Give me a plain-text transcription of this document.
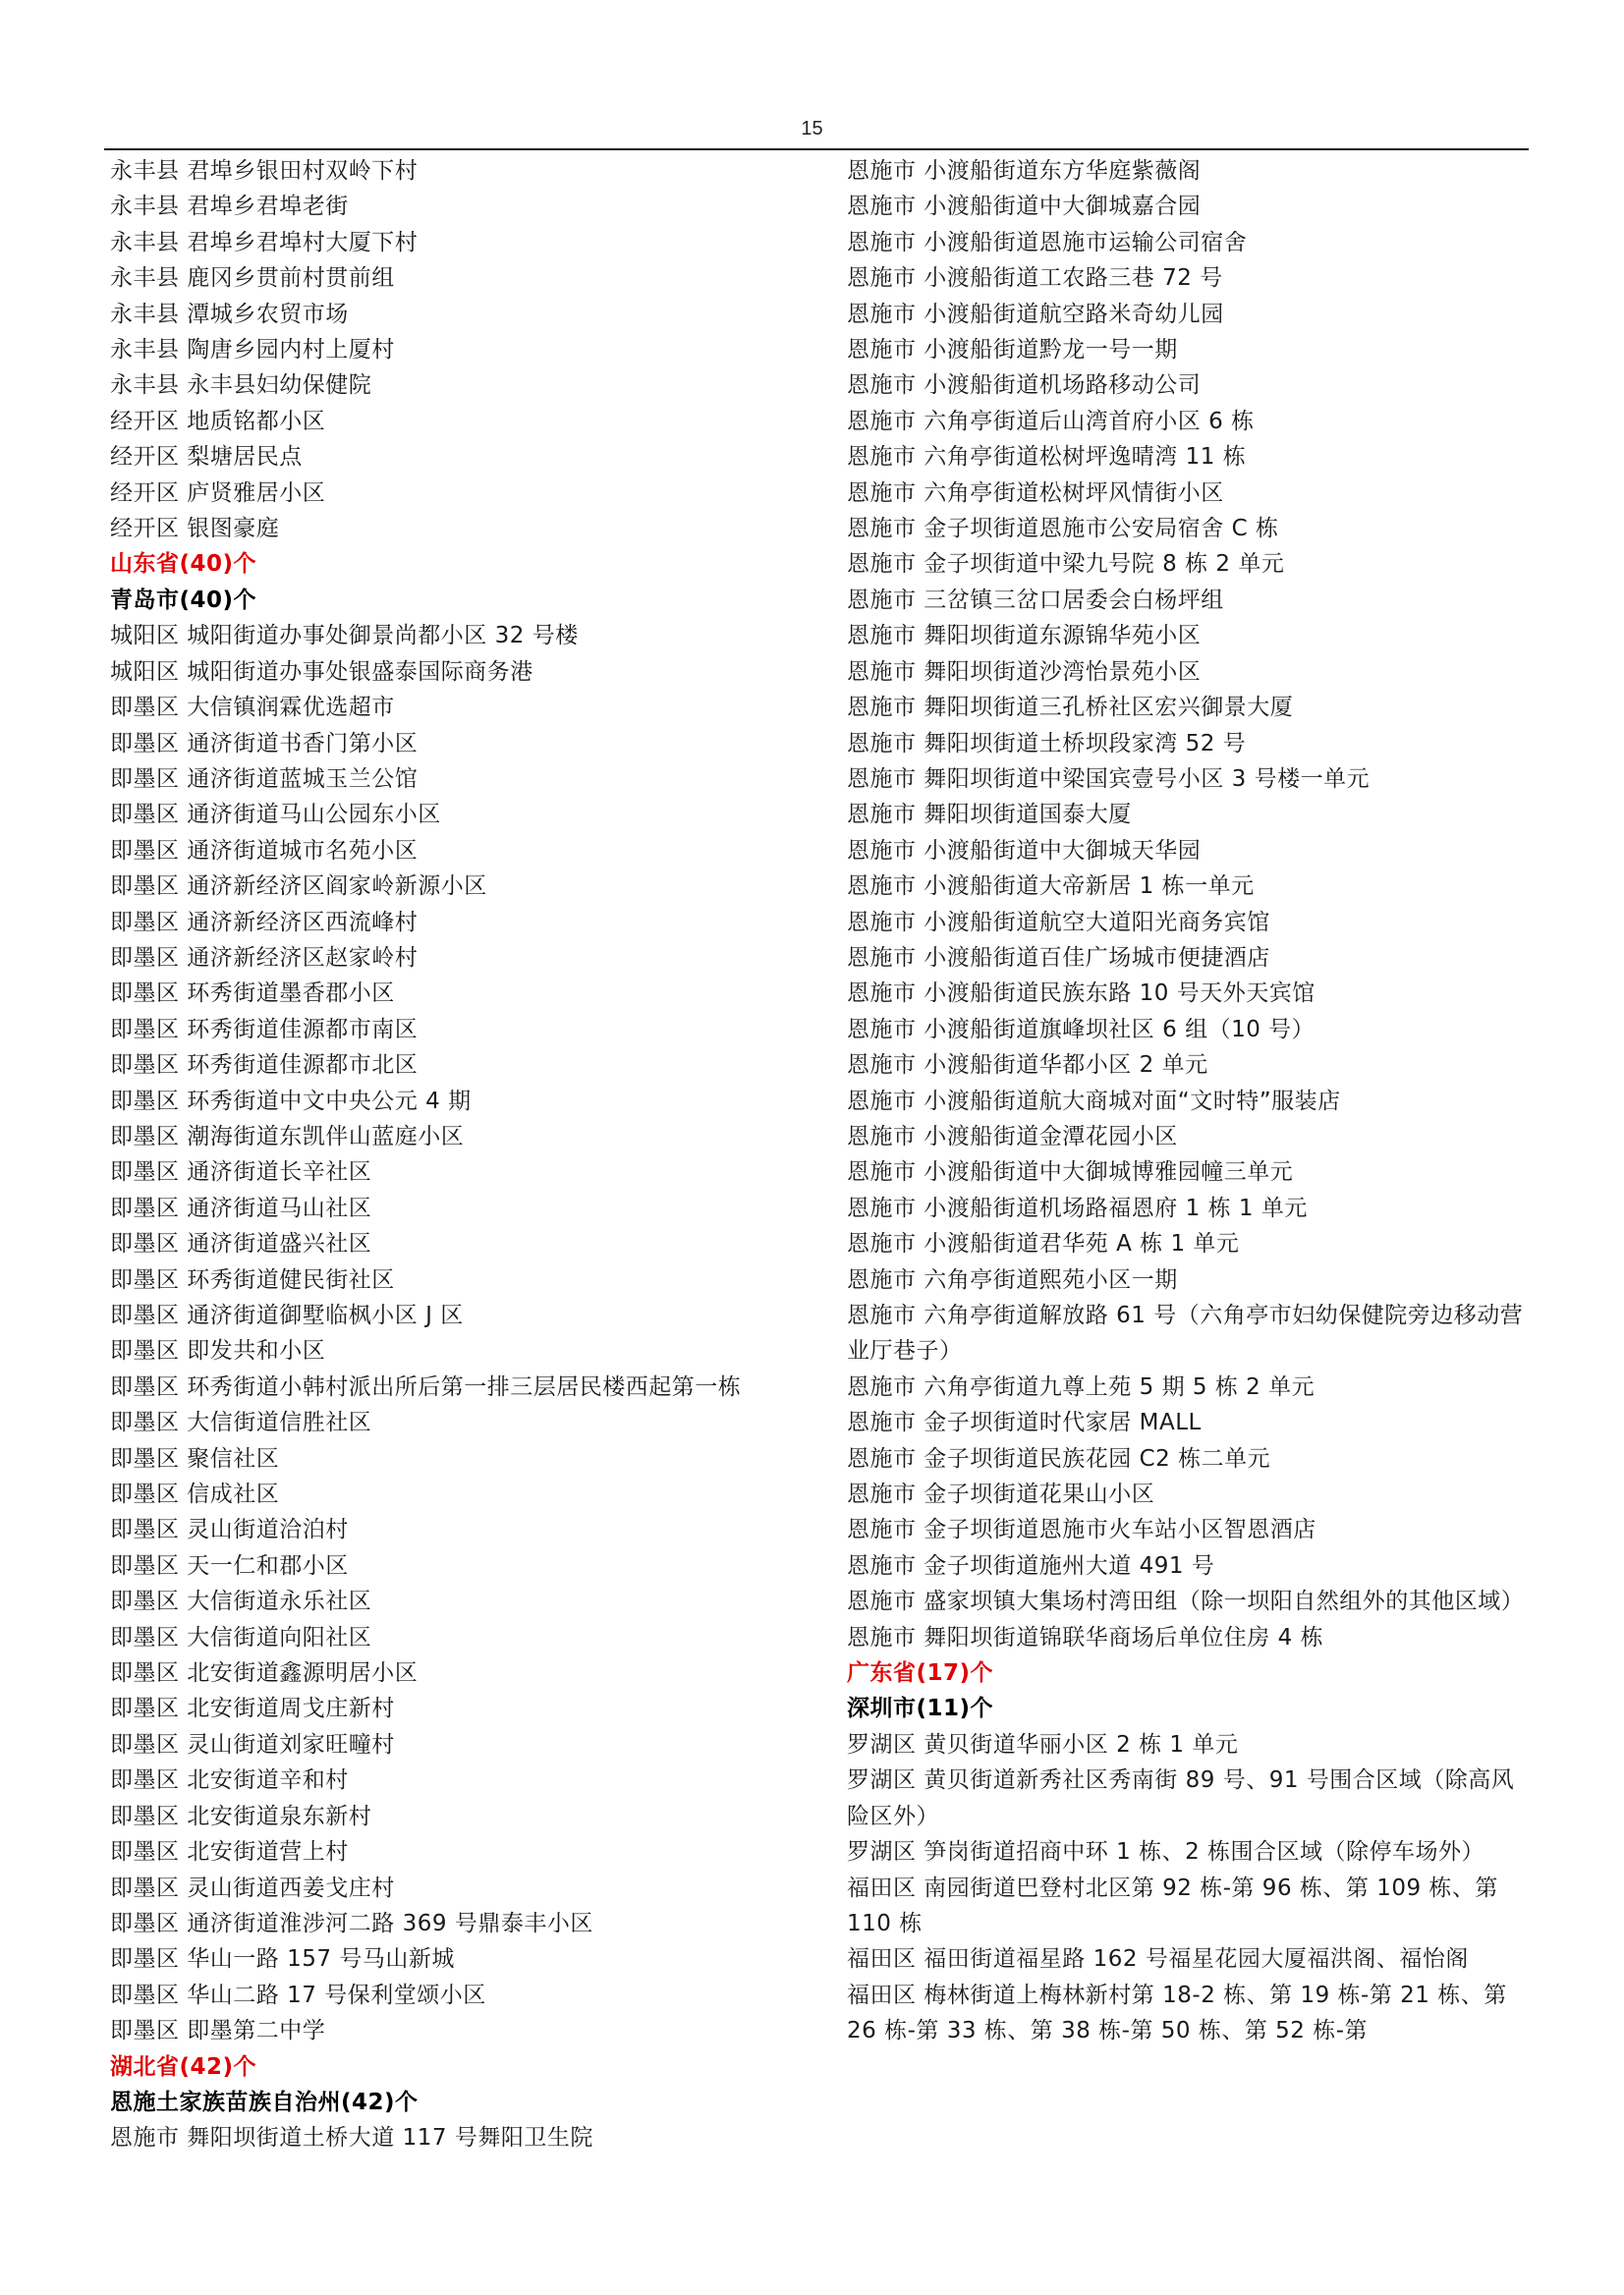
15
永丰县 君埠乡银田村双岭下村
永丰县 君埠乡君埠老街
永丰县 君埠乡君埠村大厦下村
永丰县 鹿冈乡贯前村贯前组
永丰县 潭城乡农贸市场
永丰县 陶唐乡园内村上厦村
永丰县 永丰县妇幼保健院
经开区 地质铭都小区
经开区 梨塘居民点
经开区 庐贤雅居小区
经开区 银图豪庭
山东省(40)个
青岛市(40)个
城阳区 城阳街道办事处御景尚都小区 32 号楼
城阳区 城阳街道办事处银盛泰国际商务港
即墨区 大信镇润霖优选超市
即墨区 通济街道书香门第小区
即墨区 通济街道蓝城玉兰公馆
即墨区 通济街道马山公园东小区
即墨区 通济街道城市名苑小区
即墨区 通济新经济区阎家岭新源小区
即墨区 通济新经济区西流峰村
即墨区 通济新经济区赵家岭村
即墨区 环秀街道墨香郡小区
即墨区 环秀街道佳源都市南区
即墨区 环秀街道佳源都市北区
即墨区 环秀街道中文中央公元 4 期
即墨区 潮海街道东凯伴山蓝庭小区
即墨区 通济街道长辛社区
即墨区 通济街道马山社区
即墨区 通济街道盛兴社区
即墨区 环秀街道健民街社区
即墨区 通济街道御墅临枫小区 J 区
即墨区 即发共和小区
即墨区 环秀街道小韩村派出所后第一排三层居民楼西起第一栋
即墨区 大信街道信胜社区
即墨区 聚信社区
即墨区 信成社区
即墨区 灵山街道洽泊村
即墨区 天一仁和郡小区
即墨区 大信街道永乐社区
即墨区 大信街道向阳社区
即墨区 北安街道鑫源明居小区
即墨区 北安街道周戈庄新村
即墨区 灵山街道刘家旺疃村
即墨区 北安街道辛和村
即墨区 北安街道泉东新村
即墨区 北安街道营上村
即墨区 灵山街道西姜戈庄村
即墨区 通济街道淮涉河二路 369 号鼎泰丰小区
即墨区 华山一路 157 号马山新城
即墨区 华山二路 17 号保利堂颂小区
即墨区 即墨第二中学
湖北省(42)个
恩施土家族苗族自治州(42)个
恩施市 舞阳坝街道土桥大道 117 号舞阳卫生院
恩施市 小渡船街道东方华庭紫薇阁
恩施市 小渡船街道中大御城嘉合园
恩施市 小渡船街道恩施市运输公司宿舍
恩施市 小渡船街道工农路三巷 72 号
恩施市 小渡船街道航空路米奇幼儿园
恩施市 小渡船街道黔龙一号一期
恩施市 小渡船街道机场路移动公司
恩施市 六角亭街道后山湾首府小区 6 栋
恩施市 六角亭街道松树坪逸晴湾 11 栋
恩施市 六角亭街道松树坪风情街小区
恩施市 金子坝街道恩施市公安局宿舍 C 栋
恩施市 金子坝街道中梁九号院 8 栋 2 单元
恩施市 三岔镇三岔口居委会白杨坪组
恩施市 舞阳坝街道东源锦华苑小区
恩施市 舞阳坝街道沙湾怡景苑小区
恩施市 舞阳坝街道三孔桥社区宏兴御景大厦
恩施市 舞阳坝街道土桥坝段家湾 52 号
恩施市 舞阳坝街道中梁国宾壹号小区 3 号楼一单元
恩施市 舞阳坝街道国泰大厦
恩施市 小渡船街道中大御城天华园
恩施市 小渡船街道大帝新居 1 栋一单元
恩施市 小渡船街道航空大道阳光商务宾馆
恩施市 小渡船街道百佳广场城市便捷酒店
恩施市 小渡船街道民族东路 10 号天外天宾馆
恩施市 小渡船街道旗峰坝社区 6 组（10 号）
恩施市 小渡船街道华都小区 2 单元
恩施市 小渡船街道航大商城对面“文时特”服装店
恩施市 小渡船街道金潭花园小区
恩施市 小渡船街道中大御城博雅园幢三单元
恩施市 小渡船街道机场路福恩府 1 栋 1 单元
恩施市 小渡船街道君华苑 A 栋 1 单元
恩施市 六角亭街道熙苑小区一期
恩施市 六角亭街道解放路 61 号（六角亭市妇幼保健院旁边移动营业厅巷子）
恩施市 六角亭街道九尊上苑 5 期 5 栋 2 单元
恩施市 金子坝街道时代家居 MALL
恩施市 金子坝街道民族花园 C2 栋二单元
恩施市 金子坝街道花果山小区
恩施市 金子坝街道恩施市火车站小区智恩酒店
恩施市 金子坝街道施州大道 491 号
恩施市 盛家坝镇大集场村湾田组（除一坝阳自然组外的其他区域）
恩施市 舞阳坝街道锦联华商场后单位住房 4 栋
广东省(17)个
深圳市(11)个
罗湖区 黄贝街道华丽小区 2 栋 1 单元
罗湖区 黄贝街道新秀社区秀南街 89 号、91 号围合区域（除高风险区外）
罗湖区 笋岗街道招商中环 1 栋、2 栋围合区域（除停车场外）
福田区 南园街道巴登村北区第 92 栋-第 96 栋、第 109 栋、第 110 栋
福田区 福田街道福星路 162 号福星花园大厦福洪阁、福怡阁
福田区 梅林街道上梅林新村第 18-2 栋、第 19 栋-第 21 栋、第 26 栋-第 33 栋、第 38 栋-第 50 栋、第 52 栋-第
